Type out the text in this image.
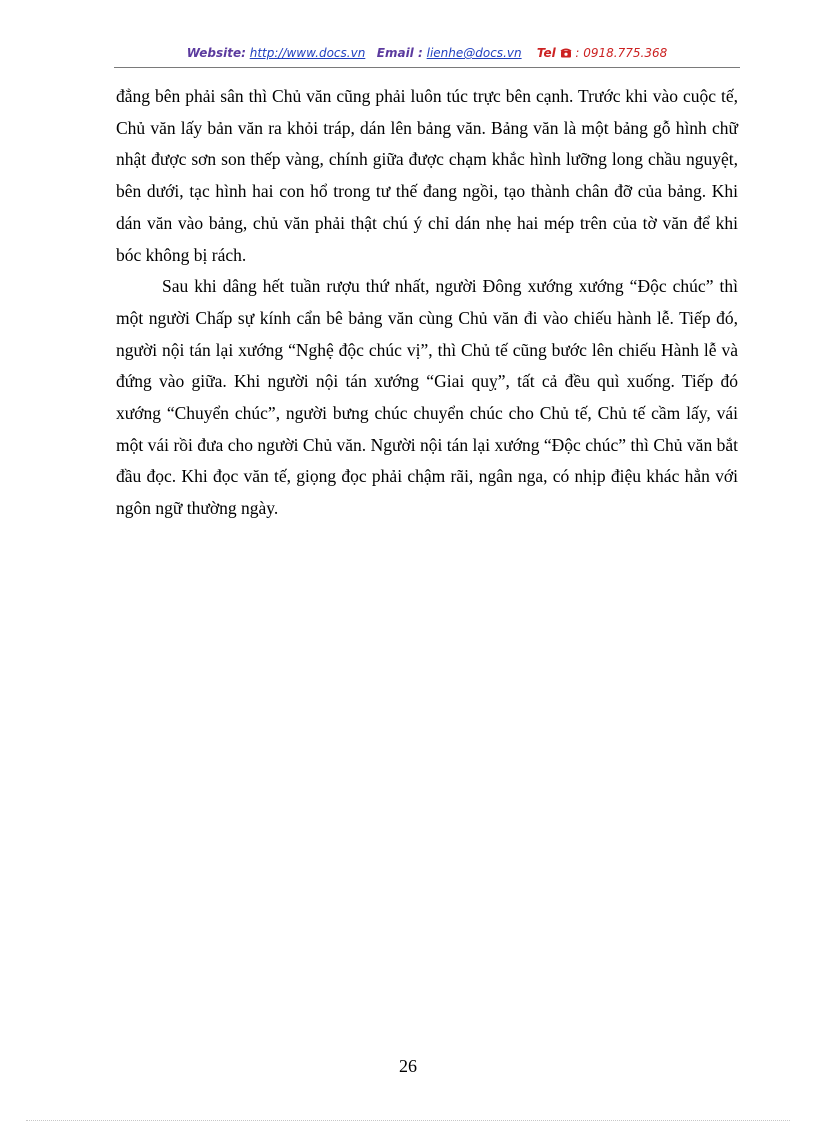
Website: http://www.docs.vn Email : lienhe@docs.vn Tel : 0918.775.368

đẳng bên phải sân thì Chủ văn cũng phải luôn túc trực bên cạnh. Trước khi vào cuộc tế, Chủ văn lấy bản văn ra khỏi tráp, dán lên bảng văn. Bảng văn là một bảng gỗ hình chữ nhật được sơn son thếp vàng, chính giữa được chạm khắc hình lưỡng long chầu nguyệt, bên dưới, tạc hình hai con hổ trong tư thế đang ngồi, tạo thành chân đỡ của bảng. Khi dán văn vào bảng, chủ văn phải thật chú ý chỉ dán nhẹ hai mép trên của tờ văn để khi bóc không bị rách.

Sau khi dâng hết tuần rượu thứ nhất, người Đông xướng xướng “Độc chúc” thì một người Chấp sự kính cẩn bê bảng văn cùng Chủ văn đi vào chiếu hành lễ. Tiếp đó, người nội tán lại xướng “Nghệ độc chúc vị”, thì Chủ tế cũng bước lên chiếu Hành lễ và đứng vào giữa. Khi người nội tán xướng “Giai quỵ”, tất cả đều quì xuống. Tiếp đó xướng “Chuyển chúc”, người bưng chúc chuyển chúc cho Chủ tế, Chủ tế cầm lấy, vái một vái rồi đưa cho người Chủ văn. Người nội tán lại xướng “Độc chúc” thì Chủ văn bắt đầu đọc. Khi đọc văn tế, giọng đọc phải chậm rãi, ngân nga, có nhịp điệu khác hẳn với ngôn ngữ thường ngày.

26
